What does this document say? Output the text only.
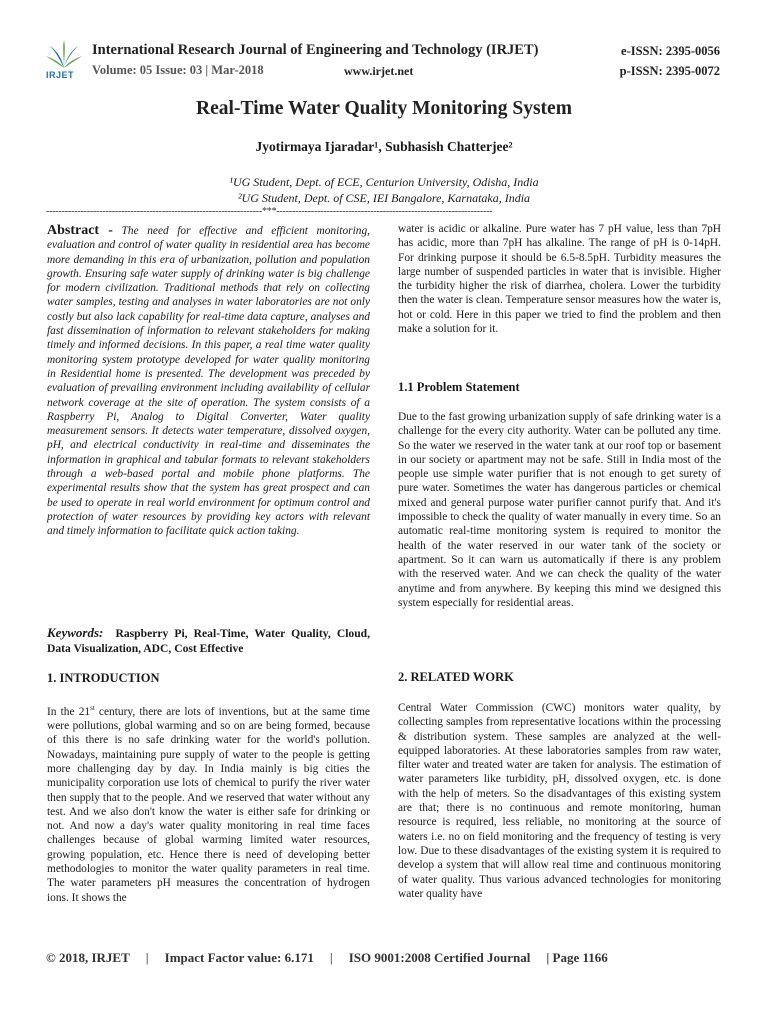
IRJET
International Research Journal of Engineering and Technology (IRJET)
Volume: 05 Issue: 03 | Mar-2018	www.irjet.net
e-ISSN: 2395-0056
p-ISSN: 2395-0072
Real-Time Water Quality Monitoring System
Jyotirmaya Ijaradar¹, Subhasish Chatterjee²
¹UG Student, Dept. of ECE, Centurion University, Odisha, India
²UG Student, Dept. of CSE, IEI Bangalore, Karnataka, India
---------------------------------------------------------------------***---------------------------------------------------------------------

Abstract - The need for effective and efficient monitoring, evaluation and control of water quality in residential area has become more demanding in this era of urbanization, pollution and population growth. Ensuring safe water supply of drinking water is big challenge for modern civilization. Traditional methods that rely on collecting water samples, testing and analyses in water laboratories are not only costly but also lack capability for real-time data capture, analyses and fast dissemination of information to relevant stakeholders for making timely and informed decisions. In this paper, a real time water quality monitoring system prototype developed for water quality monitoring in Residential home is presented. The development was preceded by evaluation of prevailing environment including availability of cellular network coverage at the site of operation. The system consists of a Raspberry Pi, Analog to Digital Converter, Water quality measurement sensors. It detects water temperature, dissolved oxygen, pH, and electrical conductivity in real-time and disseminates the information in graphical and tabular formats to relevant stakeholders through a web-based portal and mobile phone platforms. The experimental results show that the system has great prospect and can be used to operate in real world environment for optimum control and protection of water resources by providing key actors with relevant and timely information to facilitate quick action taking.

Keywords: Raspberry Pi, Real-Time, Water Quality, Cloud, Data Visualization, ADC, Cost Effective

1. INTRODUCTION

In the 21st century, there are lots of inventions, but at the same time were pollutions, global warming and so on are being formed, because of this there is no safe drinking water for the world's pollution. Nowadays, maintaining pure supply of water to the people is getting more challenging day by day. In India mainly is big cities the municipality corporation use lots of chemical to purify the river water then supply that to the people. And we reserved that water without any test. And we also don't know the water is either safe for drinking or not. And now a day's water quality monitoring in real time faces challenges because of global warming limited water resources, growing population, etc. Hence there is need of developing better methodologies to monitor the water quality parameters in real time. The water parameters pH measures the concentration of hydrogen ions. It shows the

water is acidic or alkaline. Pure water has 7 pH value, less than 7pH has acidic, more than 7pH has alkaline. The range of pH is 0-14pH. For drinking purpose it should be 6.5-8.5pH. Turbidity measures the large number of suspended particles in water that is invisible. Higher the turbidity higher the risk of diarrhea, cholera. Lower the turbidity then the water is clean. Temperature sensor measures how the water is, hot or cold. Here in this paper we tried to find the problem and then make a solution for it.

1.1 Problem Statement

Due to the fast growing urbanization supply of safe drinking water is a challenge for the every city authority. Water can be polluted any time. So the water we reserved in the water tank at our roof top or basement in our society or apartment may not be safe. Still in India most of the people use simple water purifier that is not enough to get surety of pure water. Sometimes the water has dangerous particles or chemical mixed and general purpose water purifier cannot purify that. And it's impossible to check the quality of water manually in every time. So an automatic real-time monitoring system is required to monitor the health of the water reserved in our water tank of the society or apartment. So it can warn us automatically if there is any problem with the reserved water. And we can check the quality of the water anytime and from anywhere. By keeping this mind we designed this system especially for residential areas.

2. RELATED WORK

Central Water Commission (CWC) monitors water quality, by collecting samples from representative locations within the processing & distribution system. These samples are analyzed at the well-equipped laboratories. At these laboratories samples from raw water, filter water and treated water are taken for analysis. The estimation of water parameters like turbidity, pH, dissolved oxygen, etc. is done with the help of meters. So the disadvantages of this existing system are that; there is no continuous and remote monitoring, human resource is required, less reliable, no monitoring at the source of waters i.e. no on field monitoring and the frequency of testing is very low. Due to these disadvantages of the existing system it is required to develop a system that will allow real time and continuous monitoring of water quality. Thus various advanced technologies for monitoring water quality have

© 2018, IRJET | Impact Factor value: 6.171 | ISO 9001:2008 Certified Journal | Page 1166
